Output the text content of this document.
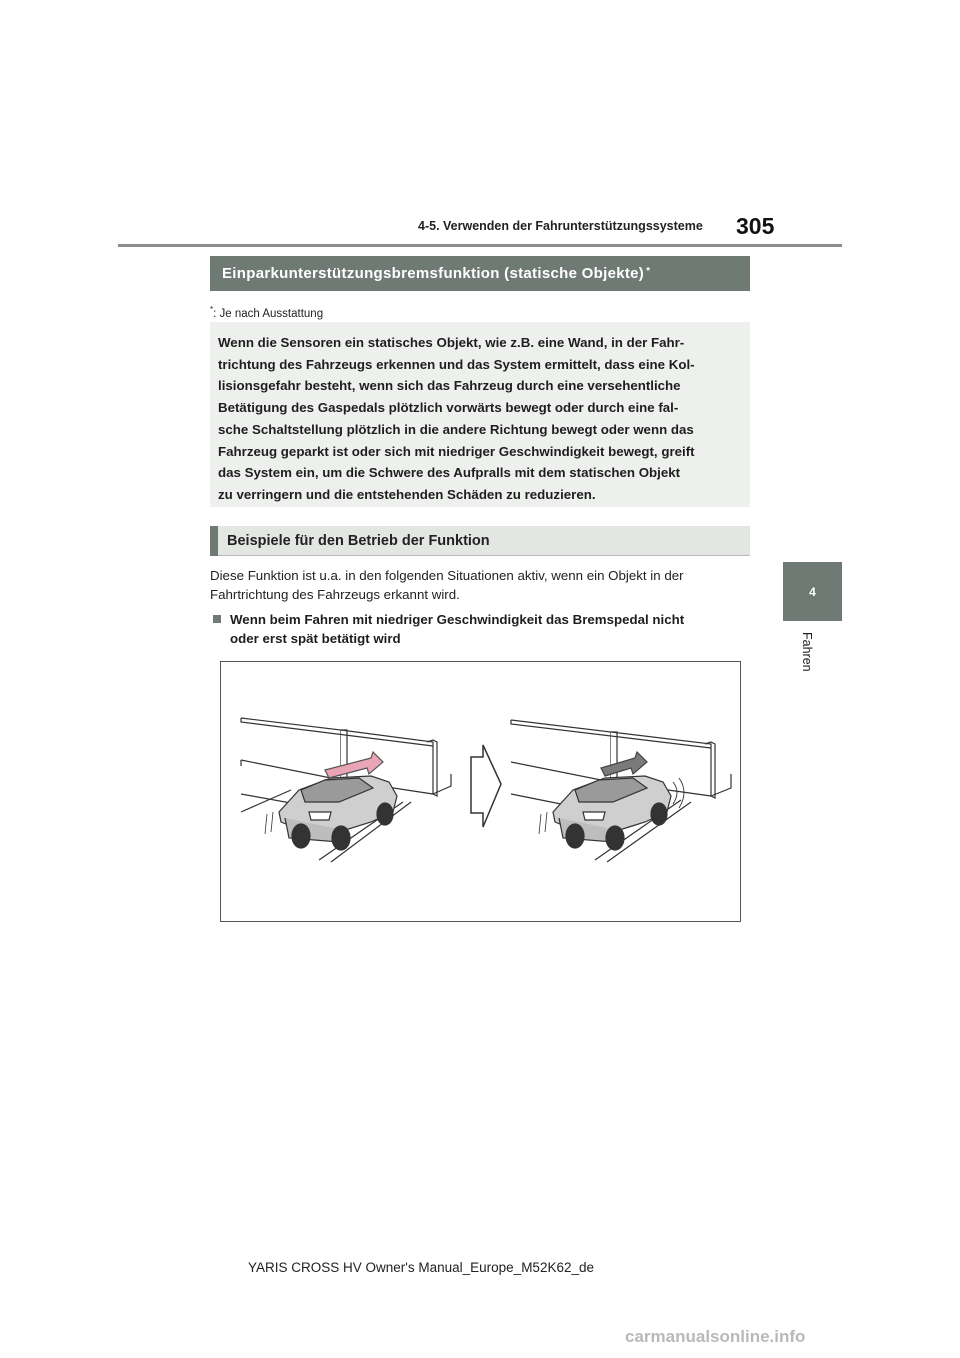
4-5. Verwenden der Fahrunterstützungssysteme 305
4
Fahren
Einparkunterstützungsbremsfunktion (statische Objekte)*
*: Je nach Ausstattung
Wenn die Sensoren ein statisches Objekt, wie z.B. eine Wand, in der Fahr-
trichtung des Fahrzeugs erkennen und das System ermittelt, dass eine Kol-
lisionsgefahr besteht, wenn sich das Fahrzeug durch eine versehentliche
Betätigung des Gaspedals plötzlich vorwärts bewegt oder durch eine fal-
sche Schaltstellung plötzlich in die andere Richtung bewegt oder wenn das
Fahrzeug geparkt ist oder sich mit niedriger Geschwindigkeit bewegt, greift
das System ein, um die Schwere des Aufpralls mit dem statischen Objekt
zu verringern und die entstehenden Schäden zu reduzieren.
Beispiele für den Betrieb der Funktion
Diese Funktion ist u.a. in den folgenden Situationen aktiv, wenn ein Objekt in der
Fahrtrichtung des Fahrzeugs erkannt wird.
Wenn beim Fahren mit niedriger Geschwindigkeit das Bremspedal nicht
oder erst spät betätigt wird
YARIS CROSS HV Owner's Manual_Europe_M52K62_de
carmanualsonline.info
